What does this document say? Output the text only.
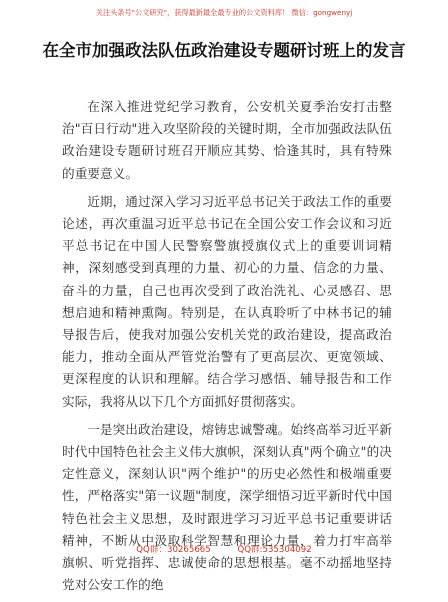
关注头条号"公文研究"，获得最新最全最专业的公文资料库！ 微信：gongwenyj
在全市加强政法队伍政治建设专题研讨班上的发言

在深入推进党纪学习教育，公安机关夏季治安打击整治"百日行动"进入攻坚阶段的关键时期，全市加强政法队伍政治建设专题研讨班召开顺应其势、恰逢其时，具有特殊的重要意义。

近期，通过深入学习习近平总书记关于政法工作的重要论述，再次重温习近平总书记在全国公安工作会议和习近平总书记在中国人民警察警旗授旗仪式上的重要训词精神，深刻感受到真理的力量、初心的力量、信念的力量、奋斗的力量，自己也再次受到了政治洗礼、心灵感召、思想启迪和精神熏陶。特别是，在认真聆听了中林书记的辅导报告后，使我对加强公安机关党的政治建设，提高政治能力，推动全面从严管党治警有了更高层次、更宽领域、更深程度的认识和理解。结合学习感悟、辅导报告和工作实际，我将从以下几个方面抓好贯彻落实。

一是突出政治建设，熔铸忠诚警魂。始终高举习近平新时代中国特色社会主义伟大旗帜，深刻认真"两个确立"的决定性意义，深刻认识"两个维护"的历史必然性和极端重要性，严格落实"第一议题"制度，深学细悟习近平新时代中国特色社会主义思想，及时跟进学习习近平总书记重要讲话精神，不断从中汲取科学智慧和理论力量，着力打牢高举旗帜、听党指挥、忠诚使命的思想根基。毫不动摇地坚持党对公安工作的绝

QQ群：30265665	QQ群:535304092
